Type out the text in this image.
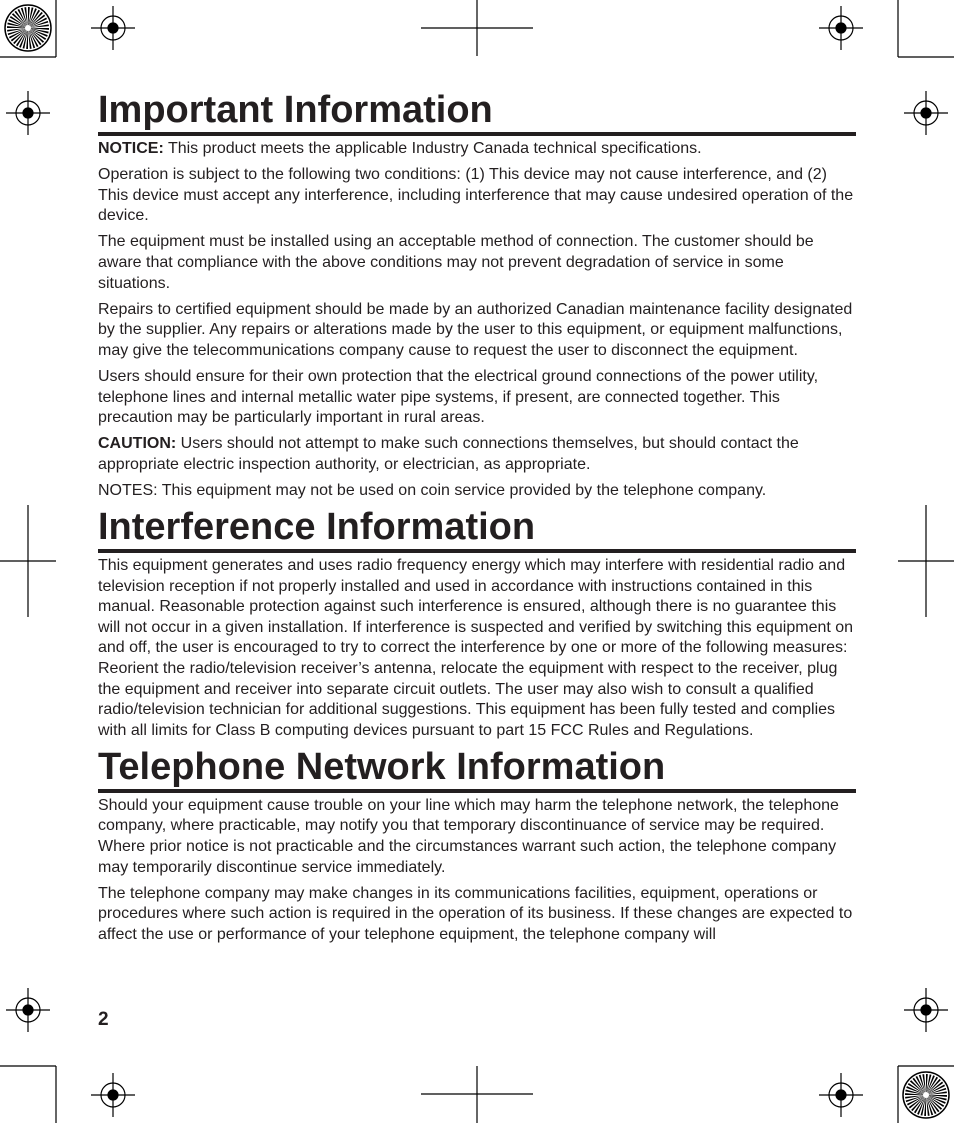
Important Information

NOTICE: This product meets the applicable Industry Canada technical specifications.

Operation is subject to the following two conditions: (1) This device may not cause interference, and (2) This device must accept any interference, including interference that may cause undesired operation of the device.

The equipment must be installed using an acceptable method of connection. The customer should be aware that compliance with the above conditions may not prevent degradation of service in some situations.

Repairs to certified equipment should be made by an authorized Canadian maintenance facility designated by the supplier. Any repairs or alterations made by the user to this equipment, or equipment malfunctions, may give the telecommunications company cause to request the user to disconnect the equipment.

Users should ensure for their own protection that the electrical ground connections of the power utility, telephone lines and internal metallic water pipe systems, if present, are connected together. This precaution may be particularly important in rural areas.

CAUTION: Users should not attempt to make such connections themselves, but should contact the appropriate electric inspection authority, or electrician, as appropriate.

NOTES: This equipment may not be used on coin service provided by the telephone company.

Interference Information

This equipment generates and uses radio frequency energy which may interfere with residential radio and television reception if not properly installed and used in accordance with instructions contained in this manual. Reasonable protection against such interference is ensured, although there is no guarantee this will not occur in a given installation. If interference is suspected and verified by switching this equipment on and off, the user is encouraged to try to correct the interference by one or more of the following measures: Reorient the radio/television receiver’s antenna, relocate the equipment with respect to the receiver, plug the equipment and receiver into separate circuit outlets. The user may also wish to consult a qualified radio/television technician for additional suggestions. This equipment has been fully tested and complies with all limits for Class B computing devices pursuant to part 15 FCC Rules and Regulations.

Telephone Network Information

Should your equipment cause trouble on your line which may harm the telephone network, the telephone company, where practicable, may notify you that temporary discontinuance of service may be required. Where prior notice is not practicable and the circumstances warrant such action, the telephone company may temporarily discontinue service immediately.

The telephone company may make changes in its communications facilities, equipment, operations or procedures where such action is required in the operation of its business. If these changes are expected to affect the use or performance of your telephone equipment, the telephone company will

2
